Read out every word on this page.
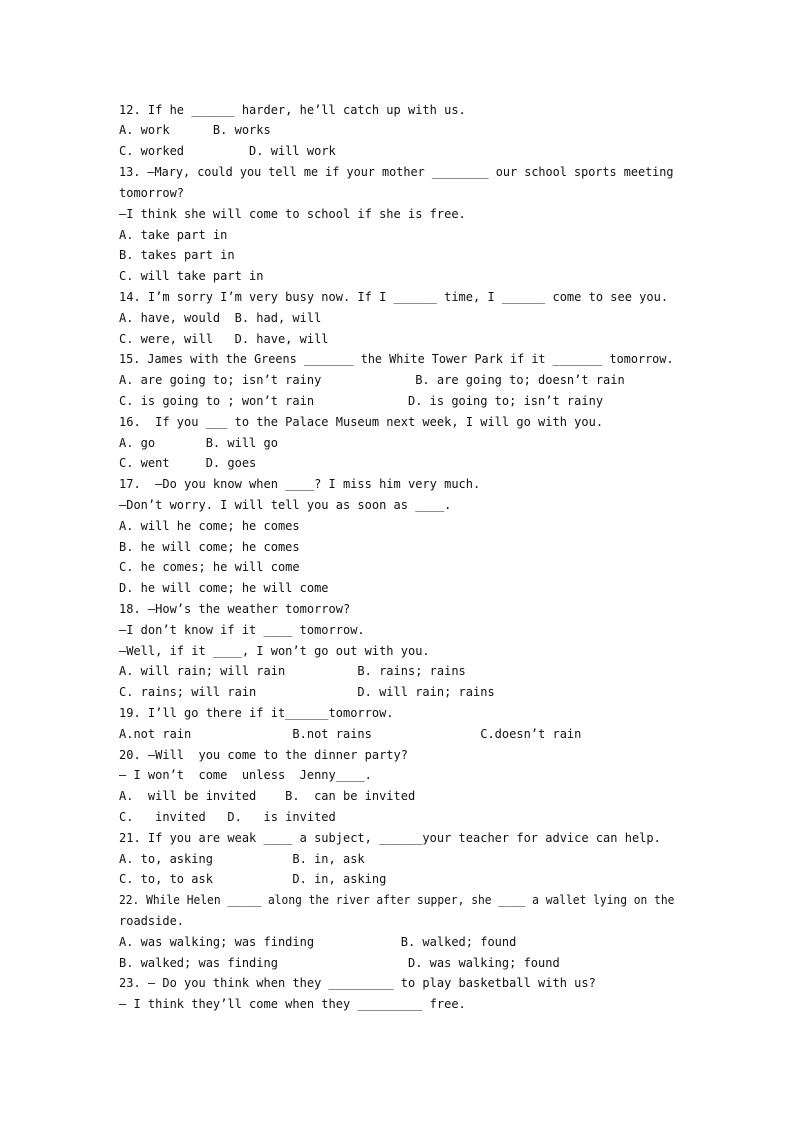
12. If he ______ harder, he’ll catch up with us.
A. work      B. works
C. worked         D. will work
13. —Mary, could you tell me if your mother ________ our school sports meeting
tomorrow?
—I think she will come to school if she is free.
A. take part in
B. takes part in
C. will take part in
14. I’m sorry I’m very busy now. If I ______ time, I ______ come to see you.
A. have, would  B. had, will
C. were, will   D. have, will
15. James with the Greens _______ the White Tower Park if it _______ tomorrow.
A. are going to; isn’t rainy             B. are going to; doesn’t rain
C. is going to ; won’t rain             D. is going to; isn’t rainy
16.  If you ___ to the Palace Museum next week, I will go with you.
A. go       B. will go
C. went     D. goes
17.  —Do you know when ____? I miss him very much.
—Don’t worry. I will tell you as soon as ____.
A. will he come; he comes
B. he will come; he comes
C. he comes; he will come
D. he will come; he will come
18. —How’s the weather tomorrow?
—I don’t know if it ____ tomorrow.
—Well, if it ____, I won’t go out with you.
A. will rain; will rain          B. rains; rains
C. rains; will rain              D. will rain; rains
19. I’ll go there if it______tomorrow.
A.not rain              B.not rains               C.doesn’t rain
20. —Will  you come to the dinner party?
— I won’t  come  unless  Jenny____.
A.  will be invited    B.  can be invited
C.   invited   D.   is invited
21. If you are weak ____ a subject, ______your teacher for advice can help.
A. to, asking           B. in, ask
C. to, to ask           D. in, asking
22. While Helen _____ along the river after supper, she ____ a wallet lying on the
roadside.
A. was walking; was finding            B. walked; found
B. walked; was finding                  D. was walking; found
23. — Do you think when they _________ to play basketball with us?
— I think they’ll come when they _________ free.
